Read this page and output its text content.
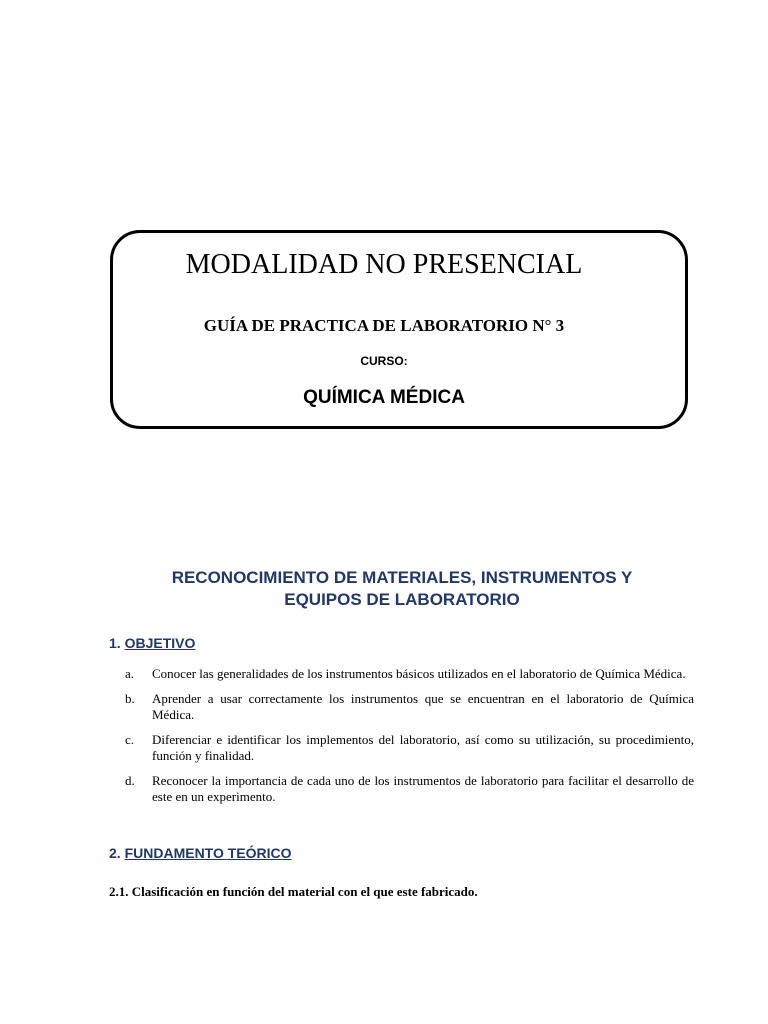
MODALIDAD NO PRESENCIAL
GUÍA DE PRACTICA DE LABORATORIO N° 3
CURSO:
QUÍMICA MÉDICA
RECONOCIMIENTO DE MATERIALES, INSTRUMENTOS Y
EQUIPOS DE LABORATORIO
1. OBJETIVO
a.	Conocer las generalidades de los instrumentos básicos utilizados en el laboratorio de Química Médica.
b.	Aprender a usar correctamente los instrumentos que se encuentran en el laboratorio de Química Médica.
c.	Diferenciar e identificar los implementos del laboratorio, así como su utilización, su procedimiento, función y finalidad.
d.	Reconocer la importancia de cada uno de los instrumentos de laboratorio para facilitar el desarrollo de este en un experimento.
2. FUNDAMENTO TEÓRICO
2.1. Clasificación en función del material con el que este fabricado.
